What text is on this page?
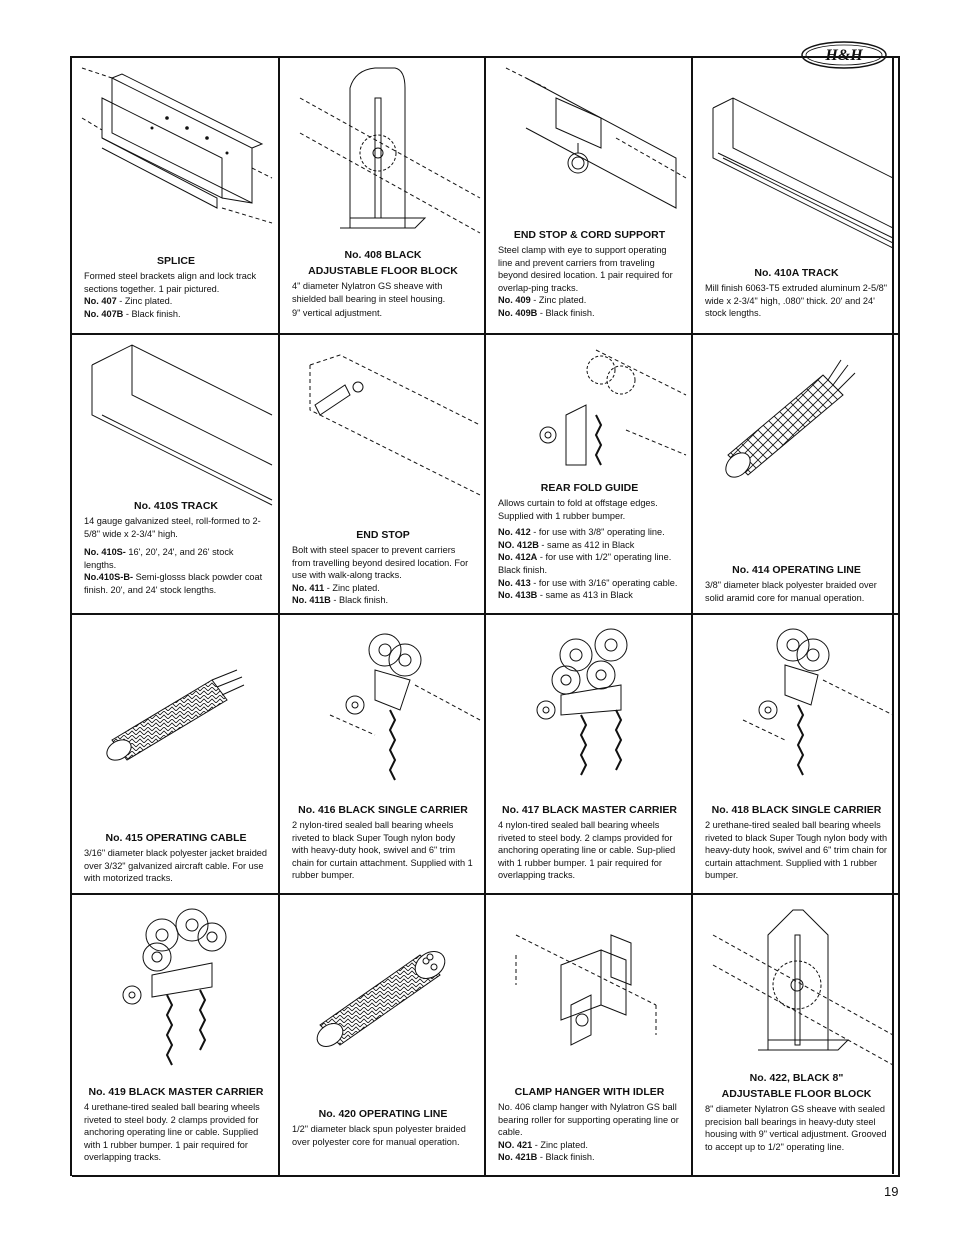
H&H
SPLICE
Formed steel brackets align and lock track sections together. 1 pair pictured.
No. 407 - Zinc plated.
No. 407B - Black finish.
No. 408 BLACK
ADJUSTABLE FLOOR BLOCK
4" diameter Nylatron GS sheave with shielded ball bearing in steel housing.
9" vertical adjustment.
END STOP & CORD SUPPORT
Steel clamp with eye to support operating line and prevent carriers from traveling beyond desired location. 1 pair required for overlap-ping tracks.
No. 409 - Zinc plated.
No. 409B - Black finish.
No. 410A TRACK
Mill finish 6063-T5 extruded aluminum 2-5/8" wide x 2-3/4" high, .080" thick. 20' and 24' stock lengths.
No. 410S TRACK
14 gauge galvanized steel, roll-formed to 2-5/8" wide x 2-3/4" high.
No. 410S- 16', 20', 24', and 26' stock lengths.
No.410S-B- Semi-glosss black powder coat finish. 20', and 24' stock lengths.
END STOP
Bolt with steel spacer to prevent carriers from travelling beyond desired location. For use with walk-along tracks.
No. 411 - Zinc plated.
No. 411B - Black finish.
REAR FOLD GUIDE
Allows curtain to fold at offstage edges. Supplied with 1 rubber bumper.
No. 412 - for use with 3/8" operating line.
NO. 412B - same as 412 in Black
No. 412A - for use with 1/2" operating line. Black finish.
No. 413 - for use with 3/16" operating cable.
No. 413B - same as 413 in Black
No. 414 OPERATING LINE
3/8" diameter black polyester braided over solid aramid core for manual operation.
No. 415 OPERATING CABLE
3/16" diameter black polyester jacket braided over 3/32" galvanized aircraft cable. For use with motorized tracks.
No. 416 BLACK SINGLE CARRIER
2 nylon-tired sealed ball bearing wheels riveted to black Super Tough nylon body with heavy-duty hook, swivel and 6" trim chain for curtain attachment. Supplied with 1 rubber bumper.
No. 417 BLACK MASTER CARRIER
4 nylon-tired sealed ball bearing wheels riveted to steel body. 2 clamps provided for anchoring operating line or cable. Sup-plied with 1 rubber bumper. 1 pair required for overlapping tracks.
No. 418 BLACK SINGLE CARRIER
2 urethane-tired sealed ball bearing wheels riveted to black Super Tough nylon body with heavy-duty hook, swivel and 6" trim chain for curtain attachment. Supplied with 1 rubber bumper.
No. 419 BLACK MASTER CARRIER
4 urethane-tired sealed ball bearing wheels riveted to steel body. 2 clamps provided for anchoring operating line or cable. Supplied with 1 rubber bumper. 1 pair required for overlapping tracks.
No. 420 OPERATING LINE
1/2" diameter black spun polyester braided over polyester core for manual operation.
CLAMP HANGER WITH IDLER
No. 406 clamp hanger with Nylatron GS ball bearing roller for supporting operating line or cable.
NO. 421 - Zinc plated.
No. 421B - Black finish.
No. 422, BLACK 8"
ADJUSTABLE FLOOR BLOCK
8" diameter Nylatron GS sheave with sealed precision ball bearings in heavy-duty steel housing with 9" vertical adjustment. Grooved to accept up to 1/2" operating line.
19
